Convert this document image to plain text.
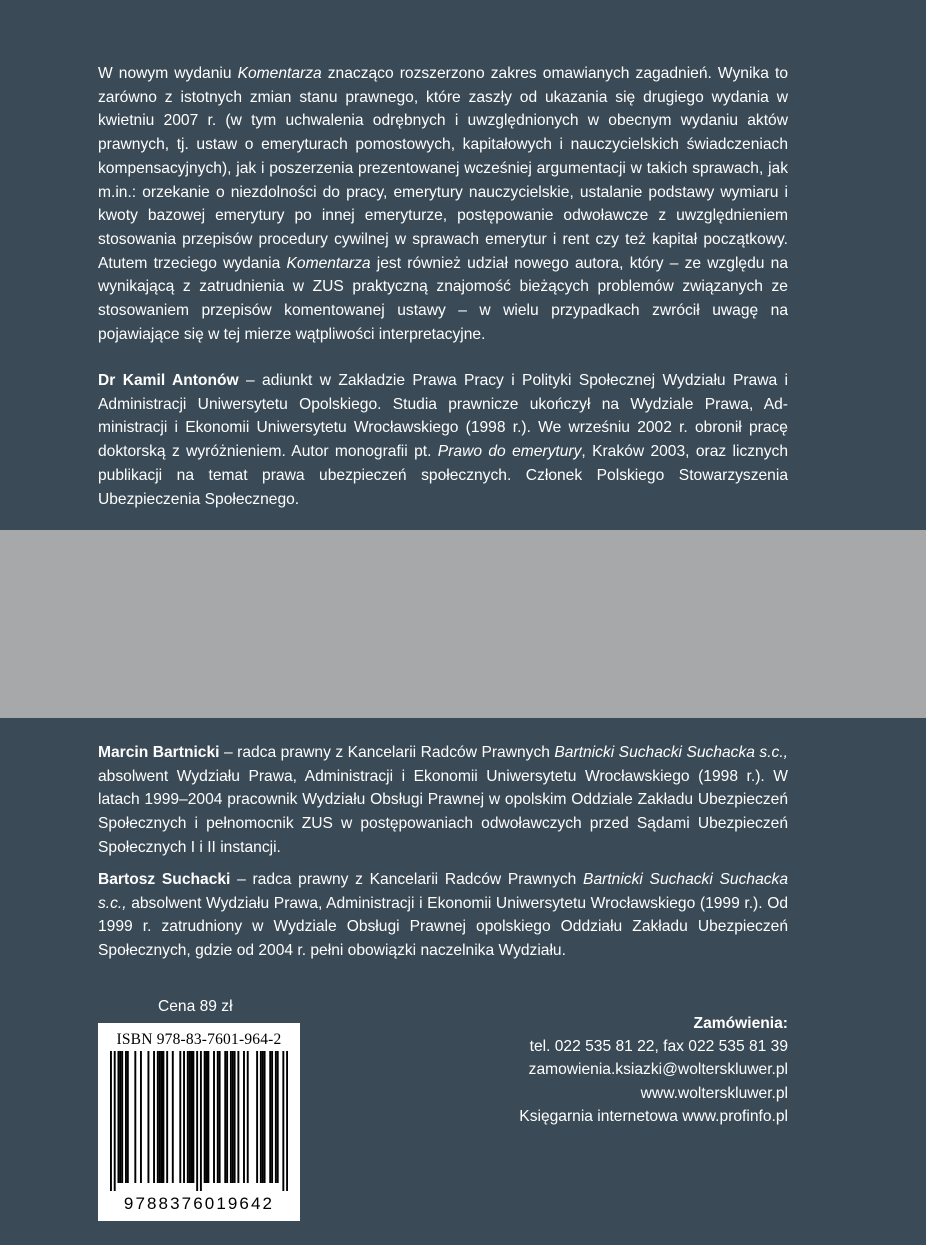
W nowym wydaniu Komentarza znacząco rozszerzono zakres omawianych zagadnień. Wynika to zarówno z istotnych zmian stanu prawnego, które zaszły od ukazania się drugiego wydania w kwietniu 2007 r. (w tym uchwalenia odrębnych i uwzględnionych w obecnym wydaniu aktów prawnych, tj. ustaw o emeryturach pomostowych, kapitałowych i nauczycielskich świadczeniach kompensacyjnych), jak i poszerzenia prezentowanej wcześniej argumentacji w takich sprawach, jak m.in.: orzekanie o niezdolności do pracy, emerytury nauczycielskie, ustalanie podstawy wymiaru i kwoty bazowej emerytury po innej emeryturze, postępowanie odwoławcze z uwzględnieniem stosowania przepisów procedury cywilnej w sprawach emerytur i rent czy też kapitał początkowy. Atutem trzeciego wydania Komentarza jest również udział nowego autora, który – ze względu na wynikającą z zatrudnienia w ZUS praktyczną znajomość bieżących problemów związanych ze stosowaniem przepisów komentowanej ustawy – w wielu przypadkach zwrócił uwagę na pojawiające się w tej mierze wątpliwości interpretacyjne.

Dr Kamil Antonów – adiunkt w Zakładzie Prawa Pracy i Polityki Społecznej Wydziału Prawa i Administracji Uniwersytetu Opolskiego. Studia prawnicze ukończył na Wydziale Prawa, Administracji i Ekonomii Uniwersytetu Wrocławskiego (1998 r.). We wrześniu 2002 r. obronił pracę doktorską z wyróżnieniem. Autor monografii pt. Prawo do emerytury, Kraków 2003, oraz licznych publikacji na temat prawa ubezpieczeń społecznych. Członek Polskiego Stowarzyszenia Ubezpieczenia Społecznego.

Marcin Bartnicki – radca prawny z Kancelarii Radców Prawnych Bartnicki Suchacki Suchacka s.c., absolwent Wydziału Prawa, Administracji i Ekonomii Uniwersytetu Wrocławskiego (1998 r.). W latach 1999–2004 pracownik Wydziału Obsługi Prawnej w opolskim Oddziale Zakładu Ubezpieczeń Społecznych i pełnomocnik ZUS w postępowaniach odwoławczych przed Sądami Ubezpieczeń Społecznych I i II instancji.

Bartosz Suchacki – radca prawny z Kancelarii Radców Prawnych Bartnicki Suchacki Suchacka s.c., absolwent Wydziału Prawa, Administracji i Ekonomii Uniwersytetu Wrocławskiego (1999 r.). Od 1999 r. zatrudniony w Wydziale Obsługi Prawnej opolskiego Oddziału Zakładu Ubezpieczeń Społecznych, gdzie od 2004 r. pełni obowiązki naczelnika Wydziału.

Cena 89 zł
ISBN 978-83-7601-964-2
9788376019642
Zamówienia:
tel. 022 535 81 22, fax 022 535 81 39
zamowienia.ksiazki@wolterskluwer.pl
www.wolterskluwer.pl
Księgarnia internetowa www.profinfo.pl
